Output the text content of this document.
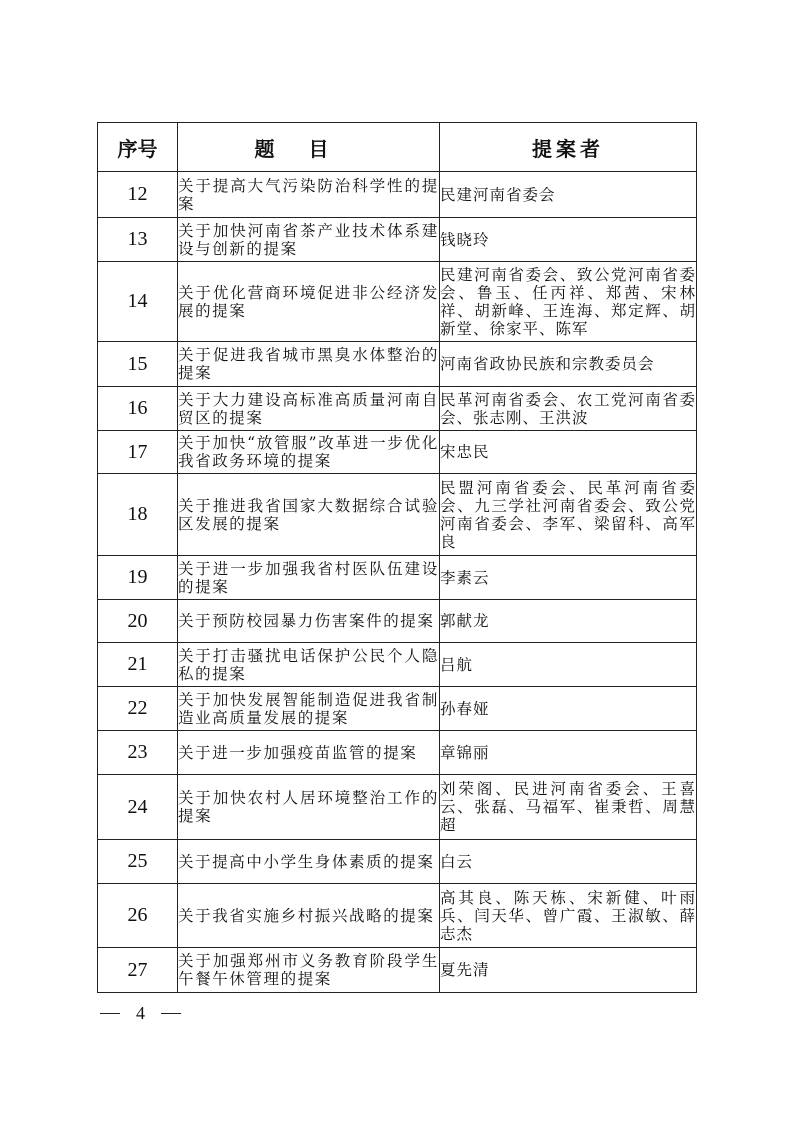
序号	题目	提案者
12	关于提高大气污染防治科学性的提案	民建河南省委会
13	关于加快河南省茶产业技术体系建设与创新的提案	钱晓玲
14	关于优化营商环境促进非公经济发展的提案	民建河南省委会、致公党河南省委会、鲁玉、任丙祥、郑茜、宋林祥、胡新峰、王连海、郑定辉、胡新堂、徐家平、陈军
15	关于促进我省城市黑臭水体整治的提案	河南省政协民族和宗教委员会
16	关于大力建设高标准高质量河南自贸区的提案	民革河南省委会、农工党河南省委会、张志刚、王洪波
17	关于加快“放管服”改革进一步优化我省政务环境的提案	宋忠民
18	关于推进我省国家大数据综合试验区发展的提案	民盟河南省委会、民革河南省委会、九三学社河南省委会、致公党河南省委会、李军、梁留科、高军良
19	关于进一步加强我省村医队伍建设的提案	李素云
20	关于预防校园暴力伤害案件的提案	郭献龙
21	关于打击骚扰电话保护公民个人隐私的提案	吕航
22	关于加快发展智能制造促进我省制造业高质量发展的提案	孙春娅
23	关于进一步加强疫苗监管的提案	章锦丽
24	关于加快农村人居环境整治工作的提案	刘荣阁、民进河南省委会、王喜云、张磊、马福军、崔秉哲、周慧超
25	关于提高中小学生身体素质的提案	白云
26	关于我省实施乡村振兴战略的提案	高其良、陈天栋、宋新健、叶雨兵、闫天华、曾广霞、王淑敏、薛志杰
27	关于加强郑州市义务教育阶段学生午餐午休管理的提案	夏先清
4
